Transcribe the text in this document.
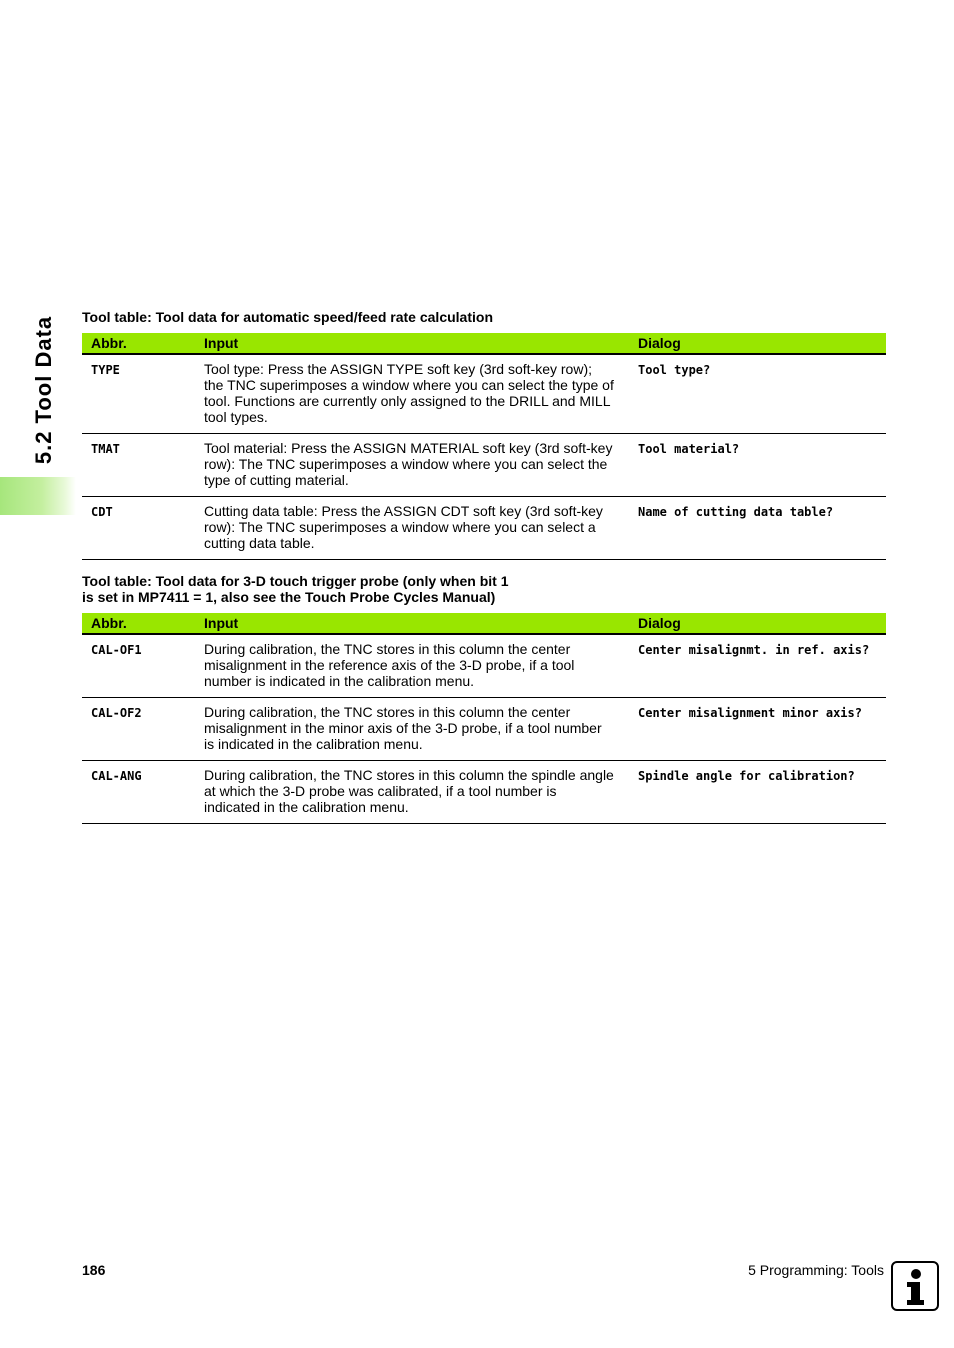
5.2 Tool Data Tool table: Tool data for automatic speed/feed rate calculation

Abbr.	Input	Dialog
TYPE	Tool type: Press the ASSIGN TYPE soft key (3rd soft-key row); the TNC superimposes a window where you can select the type of tool. Functions are currently only assigned to the DRILL and MILL tool types.	Tool type?
TMAT	Tool material: Press the ASSIGN MATERIAL soft key (3rd soft-key row): The TNC superimposes a window where you can select the type of cutting material.	Tool material?
CDT	Cutting data table: Press the ASSIGN CDT soft key (3rd soft-key row): The TNC superimposes a window where you can select a cutting data table.	Name of cutting data table?

Tool table: Tool data for 3-D touch trigger probe (only when bit 1
is set in MP7411 = 1, also see the Touch Probe Cycles Manual)

Abbr.	Input	Dialog
CAL-OF1	During calibration, the TNC stores in this column the center misalignment in the reference axis of the 3-D probe, if a tool number is indicated in the calibration menu.	Center misalignmt. in ref. axis?
CAL-OF2	During calibration, the TNC stores in this column the center misalignment in the minor axis of the 3-D probe, if a tool number is indicated in the calibration menu.	Center misalignment minor axis?
CAL-ANG	During calibration, the TNC stores in this column the spindle angle at which the 3-D probe was calibrated, if a tool number is indicated in the calibration menu.	Spindle angle for calibration?
186	5 Programming: Tools
